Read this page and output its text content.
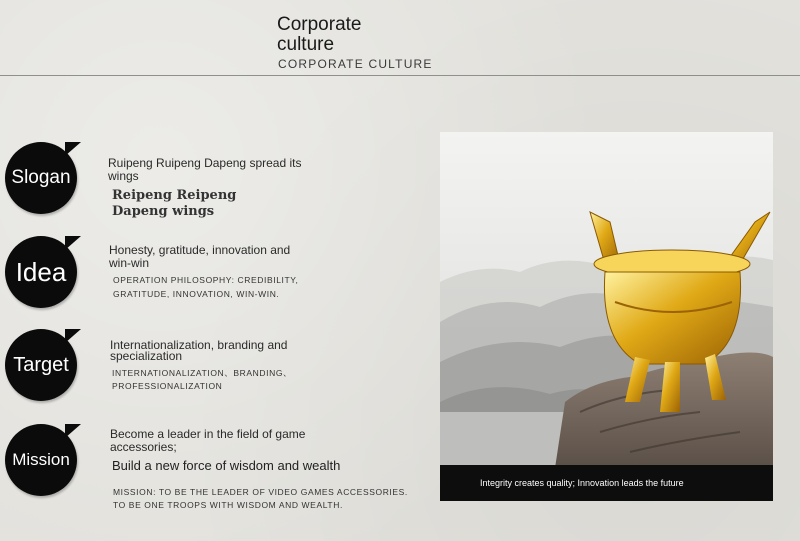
Corporate culture
CORPORATE CULTURE
Slogan
Ruipeng Ruipeng Dapeng spread its wings
Reipeng Reipeng
Dapeng wings
Idea
Honesty, gratitude, innovation and win-win
OPERATION PHILOSOPHY: CREDIBILITY,
GRATITUDE, INNOVATION, WIN-WIN.
Target
Internationalization, branding and specialization
INTERNATIONALIZATION、BRANDING、
PROFESSIONALIZATION
Mission
Become a leader in the field of game accessories;
Build a new force of wisdom and wealth
MISSION: TO BE THE LEADER OF VIDEO GAMES ACCESSORIES.
TO BE ONE TROOPS WITH WISDOM AND WEALTH.
Integrity creates quality; Innovation leads the future
